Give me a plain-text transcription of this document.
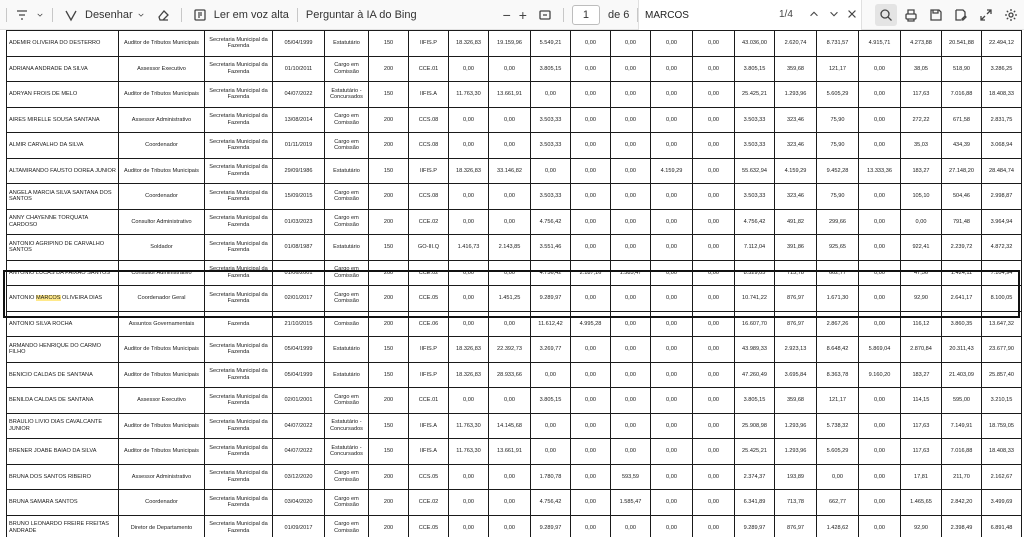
Desenhar	Ler em voz alta Perguntar à IA do Bing	− +	1	de 6
MARCOS	1/4
ADEMIR OLIVEIRA DO DESTERRO	Auditor de Tributos Municipais	Secretaria Municipal da Fazenda	05/04/1999	Estatutário	150	IIFIS.P	18.326,83	19.159,96	5.549,21	0,00	0,00	0,00	0,00	43.036,00	2.620,74	8.731,57	4.915,71	4.273,88	20.541,88	22.494,12
ADRIANA ANDRADE DA SILVA	Assessor Executivo	Secretaria Municipal da Fazenda	01/10/2011	Cargo em Comissão	200	CCE.01	0,00	0,00	3.805,15	0,00	0,00	0,00	0,00	3.805,15	359,68	121,17	0,00	38,05	518,90	3.286,25
ADRYAN FROIS DE MELO	Auditor de Tributos Municipais	Secretaria Municipal da Fazenda	04/07/2022	Estatutário - Concursados	150	IIFIS.A	11.763,30	13.661,91	0,00	0,00	0,00	0,00	0,00	25.425,21	1.293,96	5.605,29	0,00	117,63	7.016,88	18.408,33
AIRES MIRELLE SOUSA SANTANA	Assessor Administrativo	Secretaria Municipal da Fazenda	13/08/2014	Cargo em Comissão	200	CCS.08	0,00	0,00	3.503,33	0,00	0,00	0,00	0,00	3.503,33	323,46	75,90	0,00	272,22	671,58	2.831,75
ALMIR CARVALHO DA SILVA	Coordenador	Secretaria Municipal da Fazenda	01/11/2019	Cargo em Comissão	200	CCS.08	0,00	0,00	3.503,33	0,00	0,00	0,00	0,00	3.503,33	323,46	75,90	0,00	35,03	434,39	3.068,94
ALTAMIRANDO FAUSTO DOREA JUNIOR	Auditor de Tributos Municipais	Secretaria Municipal da Fazenda	29/09/1986	Estatutário	150	IIFIS.P	18.326,83	33.146,82	0,00	0,00	0,00	4.159,29	0,00	55.632,94	4.159,29	9.452,28	13.333,36	183,27	27.148,20	28.484,74
ANGELA MARCIA SILVA SANTANA DOS SANTOS	Coordenador	Secretaria Municipal da Fazenda	15/09/2015	Cargo em Comissão	200	CCS.08	0,00	0,00	3.503,33	0,00	0,00	0,00	0,00	3.503,33	323,46	75,90	0,00	105,10	504,46	2.998,87
ANNY CHAYENNE TORQUATA CARDOSO	Consultor Administrativo	Secretaria Municipal da Fazenda	01/03/2023	Cargo em Comissão	200	CCE.02	0,00	0,00	4.756,42	0,00	0,00	0,00	0,00	4.756,42	491,82	299,66	0,00	0,00	791,48	3.964,94
ANTONIO AGRIPINO DE CARVALHO SANTOS	Soldador	Secretaria Municipal da Fazenda	01/08/1987	Estatutário	150	GO-III.Q	1.416,73	2.143,85	3.551,46	0,00	0,00	0,00	0,00	7.112,04	391,86	925,65	0,00	922,41	2.239,72	4.872,32
ANTONIO LUCAS DA PAIXAO SANTOS	Consultor Administrativo	Secretaria Municipal da Fazenda	01/06/2001	Cargo em Comissão	200	CCE.02	0,00	0,00	4.756,42	2.187,16	1.585,47	0,00	0,00	8.529,05	713,78	662,77	0,00	47,56	1.424,11	7.104,94
ANTONIO MARCOS OLIVEIRA DIAS	Coordenador Geral	Secretaria Municipal da Fazenda	02/01/2017	Cargo em Comissão	200	CCE.05	0,00	1.451,25	9.289,97	0,00	0,00	0,00	0,00	10.741,22	876,97	1.671,30	0,00	92,90	2.641,17	8.100,05
ANTONIO SILVA ROCHA	Assuntos Governamentais	Fazenda	21/10/2015	Comissão	200	CCE.06	0,00	0,00	11.612,42	4.995,28	0,00	0,00	0,00	16.607,70	876,97	2.867,26	0,00	116,12	3.860,35	13.647,32
ARMANDO HENRIQUE DO CARMO FILHO	Auditor de Tributos Municipais	Secretaria Municipal da Fazenda	05/04/1999	Estatutário	150	IIFIS.P	18.326,83	22.392,73	3.269,77	0,00	0,00	0,00	0,00	43.989,33	2.923,13	8.648,42	5.869,04	2.870,84	20.311,43	23.677,90
BENICIO CALDAS DE SANTANA	Auditor de Tributos Municipais	Secretaria Municipal da Fazenda	05/04/1999	Estatutário	150	IIFIS.P	18.326,83	28.933,66	0,00	0,00	0,00	0,00	0,00	47.260,49	3.695,84	8.363,78	9.160,20	183,27	21.403,09	25.857,40
BENILDA CALDAS DE SANTANA	Assessor Executivo	Secretaria Municipal da Fazenda	02/01/2001	Cargo em Comissão	200	CCE.01	0,00	0,00	3.805,15	0,00	0,00	0,00	0,00	3.805,15	359,68	121,17	0,00	114,15	595,00	3.210,15
BRAULIO LIVIO DIAS CAVALCANTE JUNIOR	Auditor de Tributos Municipais	Secretaria Municipal da Fazenda	04/07/2022	Estatutário - Concursados	150	IIFIS.A	11.763,30	14.145,68	0,00	0,00	0,00	0,00	0,00	25.908,98	1.293,96	5.738,32	0,00	117,63	7.149,91	18.759,05
BRENER JOABE BAIAO DA SILVA	Auditor de Tributos Municipais	Secretaria Municipal da Fazenda	04/07/2022	Estatutário - Concursados	150	IIFIS.A	11.763,30	13.661,91	0,00	0,00	0,00	0,00	0,00	25.425,21	1.293,96	5.605,29	0,00	117,63	7.016,88	18.408,33
BRUNA DOS SANTOS RIBEIRO	Assessor Administrativo	Secretaria Municipal da Fazenda	03/12/2020	Cargo em Comissão	200	CCS.05	0,00	0,00	1.780,78	0,00	593,59	0,00	0,00	2.374,37	193,89	0,00	0,00	17,81	211,70	2.162,67
BRUNA SAMARA SANTOS	Coordenador	Secretaria Municipal da Fazenda	03/04/2020	Cargo em Comissão	200	CCE.02	0,00	0,00	4.756,42	0,00	1.585,47	0,00	0,00	6.341,89	713,78	662,77	0,00	1.465,65	2.842,20	3.499,69
BRUNO LEONARDO FREIRE FREITAS ANDRADE	Diretor de Departamento	Secretaria Municipal da Fazenda	01/09/2017	Cargo em Comissão	200	CCE.05	0,00	0,00	9.289,97	0,00	0,00	0,00	0,00	9.289,97	876,97	1.428,62	0,00	92,90	2.398,49	6.891,48
